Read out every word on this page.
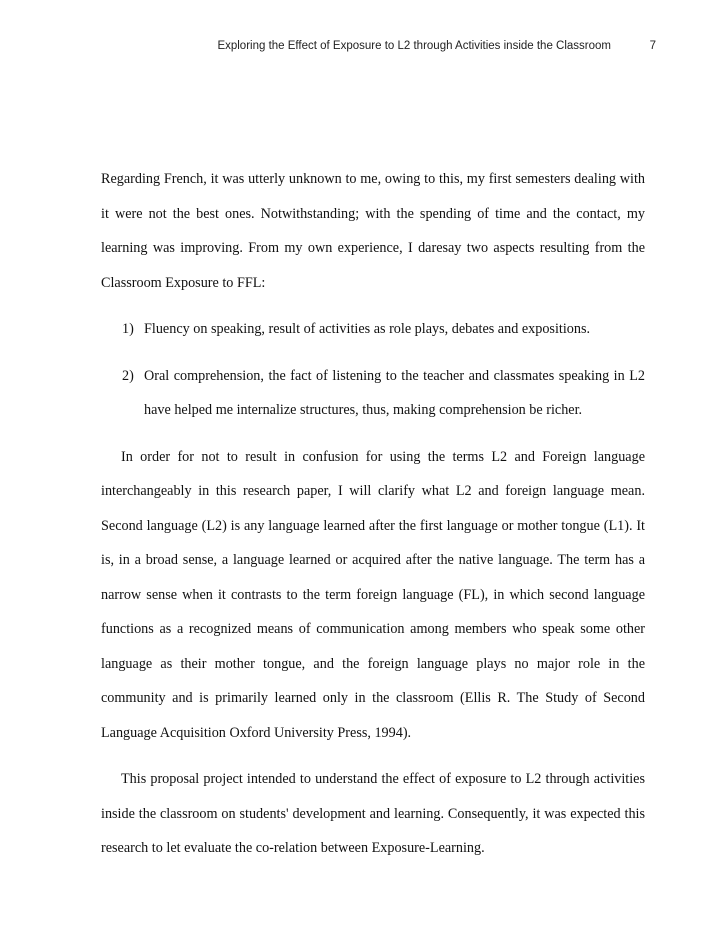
Exploring the Effect of Exposure to L2 through Activities inside the Classroom	7

Regarding French, it was utterly unknown to me, owing to this, my first semesters dealing with it were not the best ones. Notwithstanding; with the spending of time and the contact, my learning was improving. From my own experience, I daresay two aspects resulting from the Classroom Exposure to FFL:

1) Fluency on speaking, result of activities as role plays, debates and expositions.
2) Oral comprehension, the fact of listening to the teacher and classmates speaking in L2 have helped me internalize structures, thus, making comprehension be richer.

In order for not to result in confusion for using the terms L2 and Foreign language interchangeably in this research paper, I will clarify what L2 and foreign language mean. Second language (L2) is any language learned after the first language or mother tongue (L1). It is, in a broad sense, a language learned or acquired after the native language. The term has a narrow sense when it contrasts to the term foreign language (FL), in which second language functions as a recognized means of communication among members who speak some other language as their mother tongue, and the foreign language plays no major role in the community and is primarily learned only in the classroom (Ellis R. The Study of Second Language Acquisition Oxford University Press, 1994).

This proposal project intended to understand the effect of exposure to L2 through activities inside the classroom on students' development and learning. Consequently, it was expected this research to let evaluate the co-relation between Exposure-Learning.
